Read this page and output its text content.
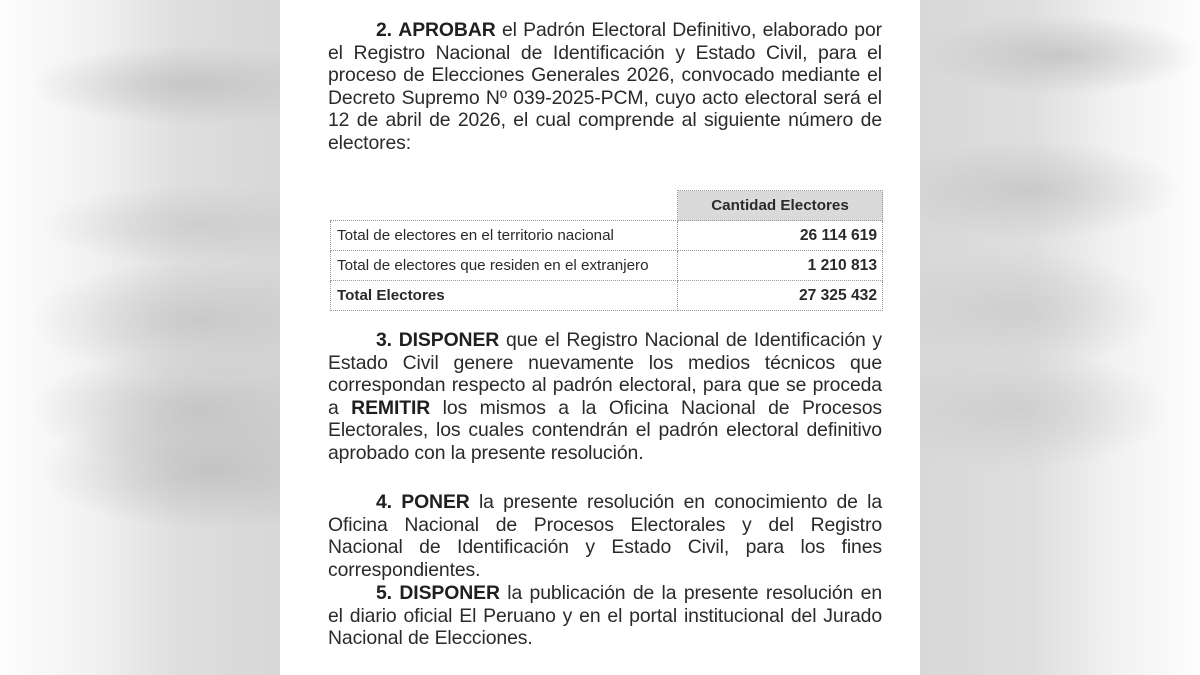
2. APROBAR el Padrón Electoral Definitivo, elaborado por el Registro Nacional de Identificación y Estado Civil, para el proceso de Elecciones Generales 2026, convocado mediante el Decreto Supremo Nº 039-2025-PCM, cuyo acto electoral será el 12 de abril de 2026, el cual comprende al siguiente número de electores:

	Cantidad Electores
Total de electores en el territorio nacional	26 114 619
Total de electores que residen en el extranjero	1 210 813
Total Electores	27 325 432

3. DISPONER que el Registro Nacional de Identificación y Estado Civil genere nuevamente los medios técnicos que correspondan respecto al padrón electoral, para que se proceda a REMITIR los mismos a la Oficina Nacional de Procesos Electorales, los cuales contendrán el padrón electoral definitivo aprobado con la presente resolución.

4. PONER la presente resolución en conocimiento de la Oficina Nacional de Procesos Electorales y del Registro Nacional de Identificación y Estado Civil, para los fines correspondientes.

5. DISPONER la publicación de la presente resolución en el diario oficial El Peruano y en el portal institucional del Jurado Nacional de Elecciones.
